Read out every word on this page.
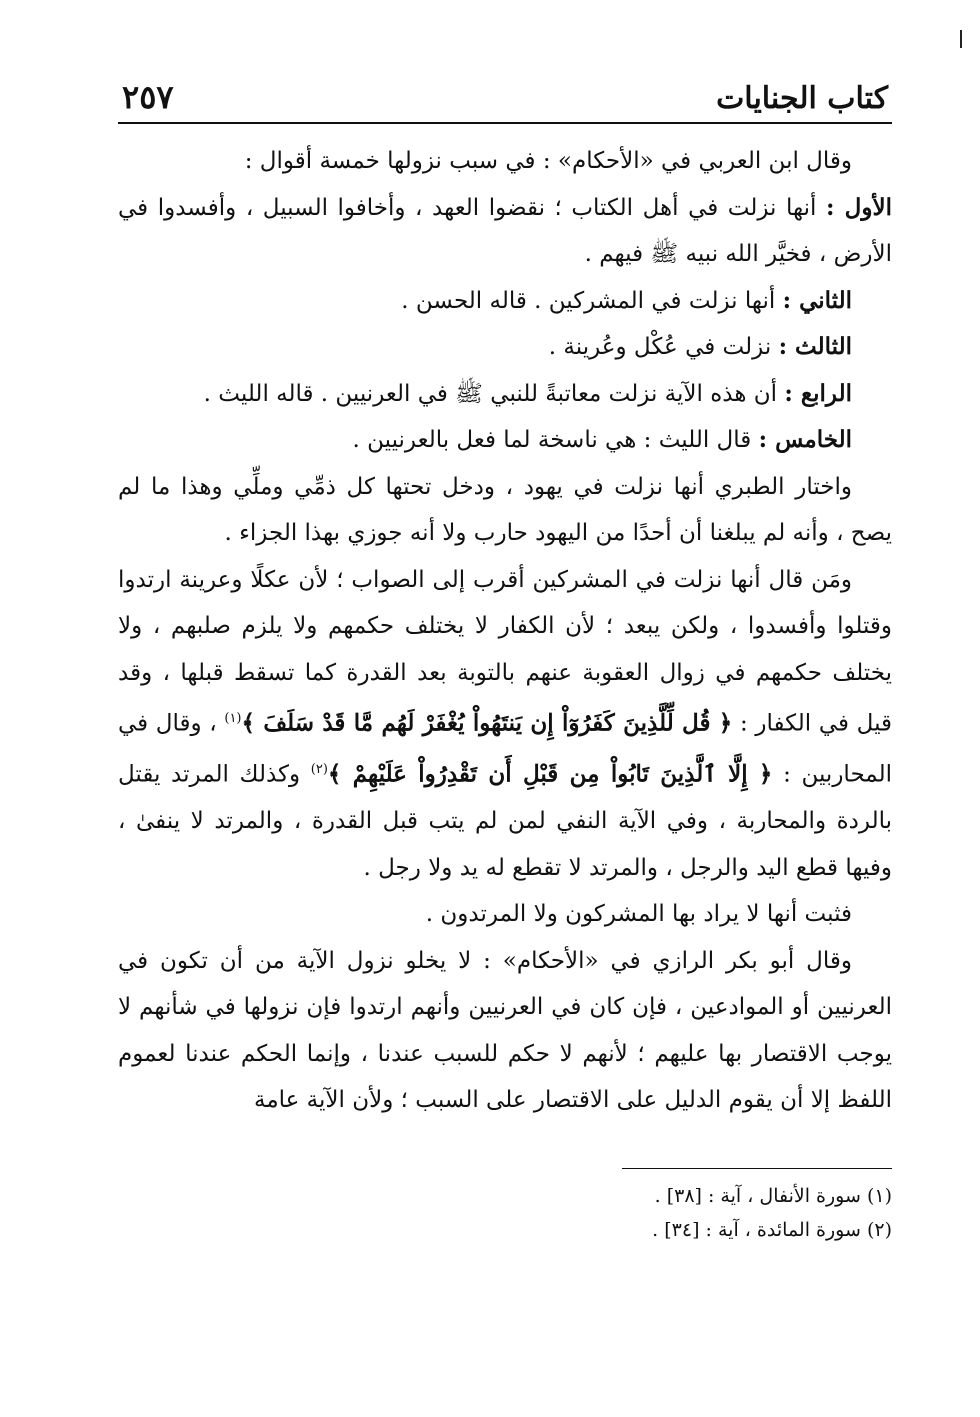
كتاب الجنايات
٢٥٧

وقال ابن العربي في «الأحكام» : في سبب نزولها خمسة أقوال :

الأول : أنها نزلت في أهل الكتاب ؛ نقضوا العهد ، وأخافوا السبيل ، وأفسدوا في الأرض ، فخيَّر الله نبيه ﷺ فيهم .

الثاني : أنها نزلت في المشركين . قاله الحسن .

الثالث : نزلت في عُكْل وعُرينة .

الرابع : أن هذه الآية نزلت معاتبةً للنبي ﷺ في العرنيين . قاله الليث .

الخامس : قال الليث : هي ناسخة لما فعل بالعرنيين .

واختار الطبري أنها نزلت في يهود ، ودخل تحتها كل ذمِّي وملِّي وهذا ما لم يصح ، وأنه لم يبلغنا أن أحدًا من اليهود حارب ولا أنه جوزي بهذا الجزاء .

ومَن قال أنها نزلت في المشركين أقرب إلى الصواب ؛ لأن عكلًا وعرينة ارتدوا وقتلوا وأفسدوا ، ولكن يبعد ؛ لأن الكفار لا يختلف حكمهم ولا يلزم صلبهم ، ولا يختلف حكمهم في زوال العقوبة عنهم بالتوبة بعد القدرة كما تسقط قبلها ، وقد قيل في الكفار : ﴿ قُل لِّلَّذِينَ كَفَرُوٓاْ إِن يَنتَهُواْ يُغْفَرْ لَهُم مَّا قَدْ سَلَفَ ﴾$^{(١)}$ ، وقال في المحاربين : ﴿ إِلَّا ٱلَّذِينَ تَابُواْ مِن قَبْلِ أَن تَقْدِرُواْ عَلَيْهِمْ ﴾$^{(٢)}$ وكذلك المرتد يقتل بالردة والمحاربة ، وفي الآية النفي لمن لم يتب قبل القدرة ، والمرتد لا ينفىٰ ، وفيها قطع اليد والرجل ، والمرتد لا تقطع له يد ولا رجل .

فثبت أنها لا يراد بها المشركون ولا المرتدون .

وقال أبو بكر الرازي في «الأحكام» : لا يخلو نزول الآية من أن تكون في العرنيين أو الموادعين ، فإن كان في العرنيين وأنهم ارتدوا فإن نزولها في شأنهم لا يوجب الاقتصار بها عليهم ؛ لأنهم لا حكم للسبب عندنا ، وإنما الحكم عندنا لعموم اللفظ إلا أن يقوم الدليل على الاقتصار على السبب ؛ ولأن الآية عامة

(١) سورة الأنفال ، آية : [٣٨] .

(٢) سورة المائدة ، آية : [٣٤] .
